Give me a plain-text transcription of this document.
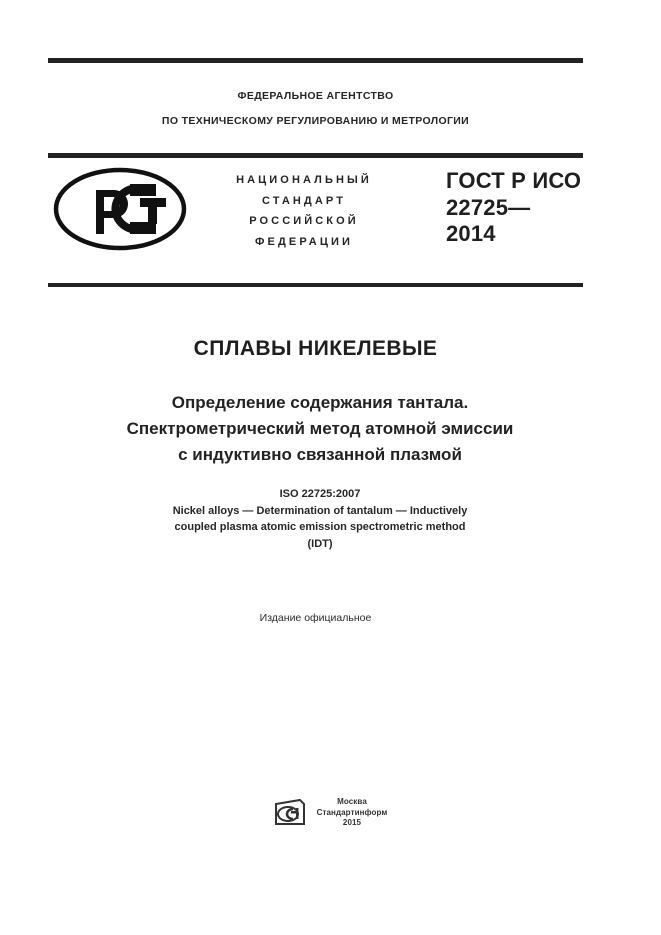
ФЕДЕРАЛЬНОЕ АГЕНТСТВО
ПО ТЕХНИЧЕСКОМУ РЕГУЛИРОВАНИЮ И МЕТРОЛОГИИ
НАЦИОНАЛЬНЫЙ
СТАНДАРТ
РОССИЙСКОЙ
ФЕДЕРАЦИИ
ГОСТ Р ИСО
22725—
2014
СПЛАВЫ НИКЕЛЕВЫЕ
Определение содержания тантала.
Спектрометрический метод атомной эмиссии
с индуктивно связанной плазмой
ISO 22725:2007
Nickel alloys — Determination of tantalum — Inductively
coupled plasma atomic emission spectrometric method
(IDT)
Издание официальное
Москва
Стандартинформ
2015
